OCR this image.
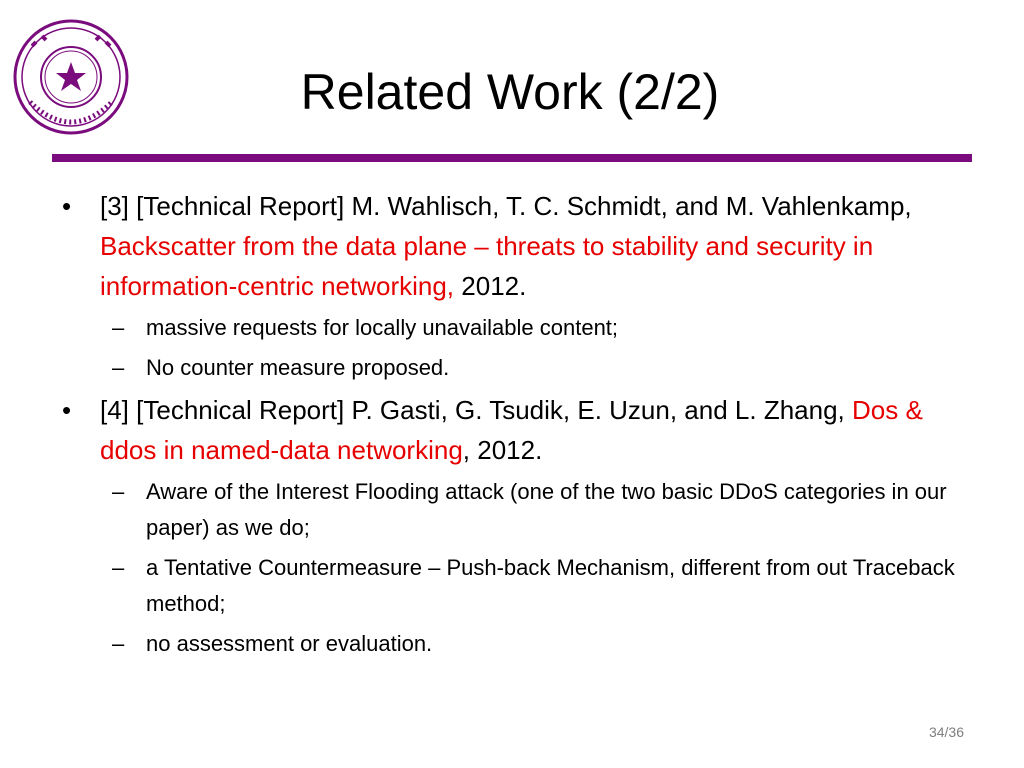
Related Work (2/2)
•	[3] [Technical Report] M. Wahlisch, T. C. Schmidt, and M. Vahlenkamp, Backscatter from the data plane – threats to stability and security in information-centric networking, 2012.
– massive requests for locally unavailable content;
– No counter measure proposed.
•	[4] [Technical Report] P. Gasti, G. Tsudik, E. Uzun, and L. Zhang, Dos & ddos in named-data networking, 2012.
– Aware of the Interest Flooding attack (one of the two basic DDoS categories in our paper) as we do;
– a Tentative Countermeasure – Push-back Mechanism, different from out Traceback method;
– no assessment or evaluation.
34/36
